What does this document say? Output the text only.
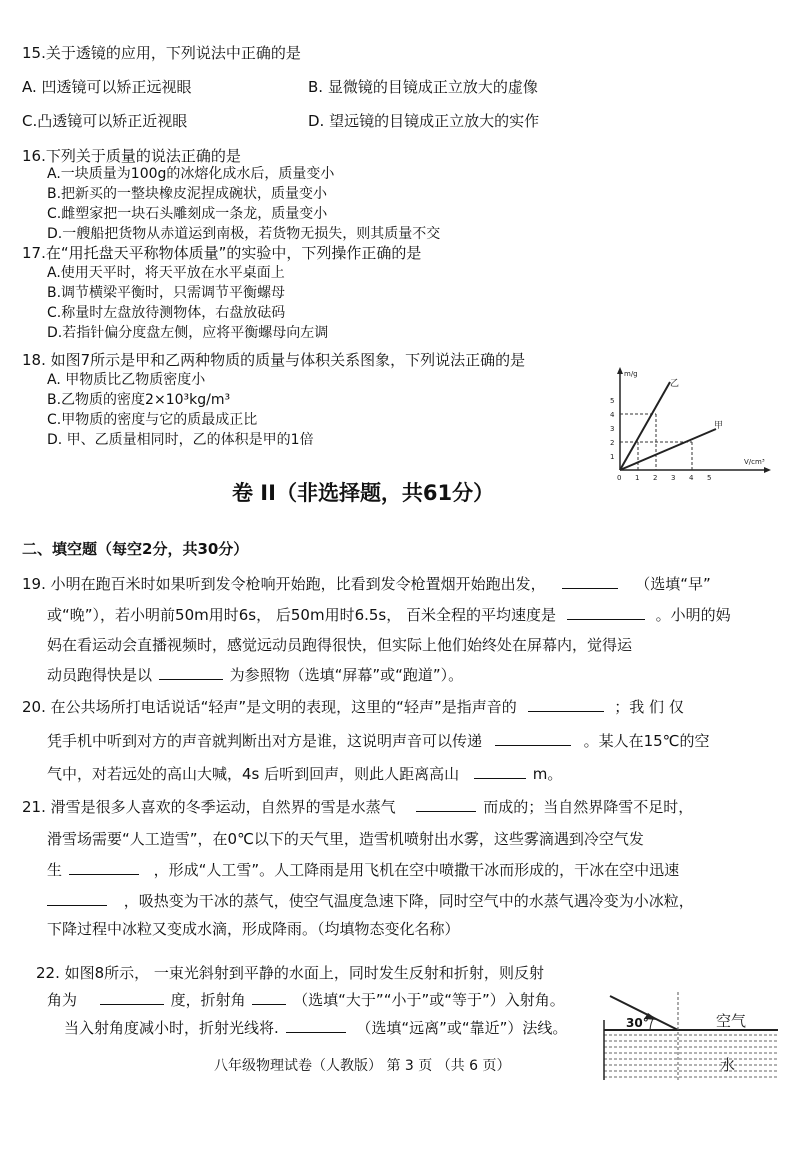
15.关于透镜的应用，下列说法中正确的是
A. 凹透镜可以矫正远视眼	B. 显微镜的目镜成正立放大的虚像
C.凸透镜可以矫正近视眼	D. 望远镜的目镜成正立放大的实作
16.下列关于质量的说法正确的是
A.一块质量为100g的冰熔化成水后，质量变小
B.把新买的一整块橡皮泥捏成碗状，质量变小
C.雌塑家把一块石头雕刻成一条龙，质量变小
D.一艘船把货物从赤道运到南极，若货物无损失，则其质量不交
17.在“用托盘天平称物体质量”的实验中，下列操作正确的是
A.使用天平时，将天平放在水平桌面上
B.调节横梁平衡时，只需调节平衡螺母
C.称量时左盘放待测物体，右盘放砝码
D.若指针偏分度盘左侧，应将平衡螺母向左调
18. 如图7所示是甲和乙两种物质的质量与体积关系图象，下列说法正确的是
A. 甲物质比乙物质密度小
B.乙物质的密度2×10³kg/m³
C.甲物质的密度与它的质最成正比
D. 甲、乙质量相同时，乙的体积是甲的1倍
m/g
V/cm³
乙
甲
1
2
3
4
5
0 1 2 3 4 5
卷 II（非选择题，共61分）
二、填空题（每空2分，共30分）
19. 小明在跑百米时如果听到发令枪响开始跑，比看到发令枪置烟开始跑出发，	（选填“早”
或“晚”），若小明前50m用时6s， 后50m用时6.5s， 百米全程的平均速度是	。小明的妈
妈在看运动会直播视频时，感觉远动员跑得很快，但实际上他们始终处在屏幕内，觉得运
动员跑得快是以	为参照物（选填“屏幕”或“跑道”）。
20. 在公共场所打电话说话“轻声”是文明的表现，这里的“轻声”是指声音的	；我 们 仅
凭手机中听到对方的声音就判断出对方是谁，这说明声音可以传递	。某人在15℃的空
气中，对若远处的高山大喊，4s 后听到回声，则此人距离高山	m。
21. 滑雪是很多人喜欢的冬季运动，自然界的雪是水蒸气	而成的；当自然界降雪不足时，
滑雪场需要“人工造雪”，在0℃以下的天气里，造雪机喷射出水雾，这些雾滴遇到冷空气发
生	，形成“人工雪”。人工降雨是用飞机在空中喷撒干冰而形成的，干冰在空中迅速
，吸热变为干冰的蒸气，使空气温度急速下降，同时空气中的水蒸气遇冷变为小冰粒，
下降过程中冰粒又变成水滴，形成降雨。（均填物态变化名称）
22. 如图8所示， 一束光斜射到平静的水面上，同时发生反射和折射，则反射
角为	度，折射角	（选填“大于”“小于”或“等于”）入射角。
当入射角度减小时，折射光线将.	（选填“远离”或“靠近”）法线。	30°	空气
水
八年级物理试卷（人教版） 第 3 页 （共 6 页）
